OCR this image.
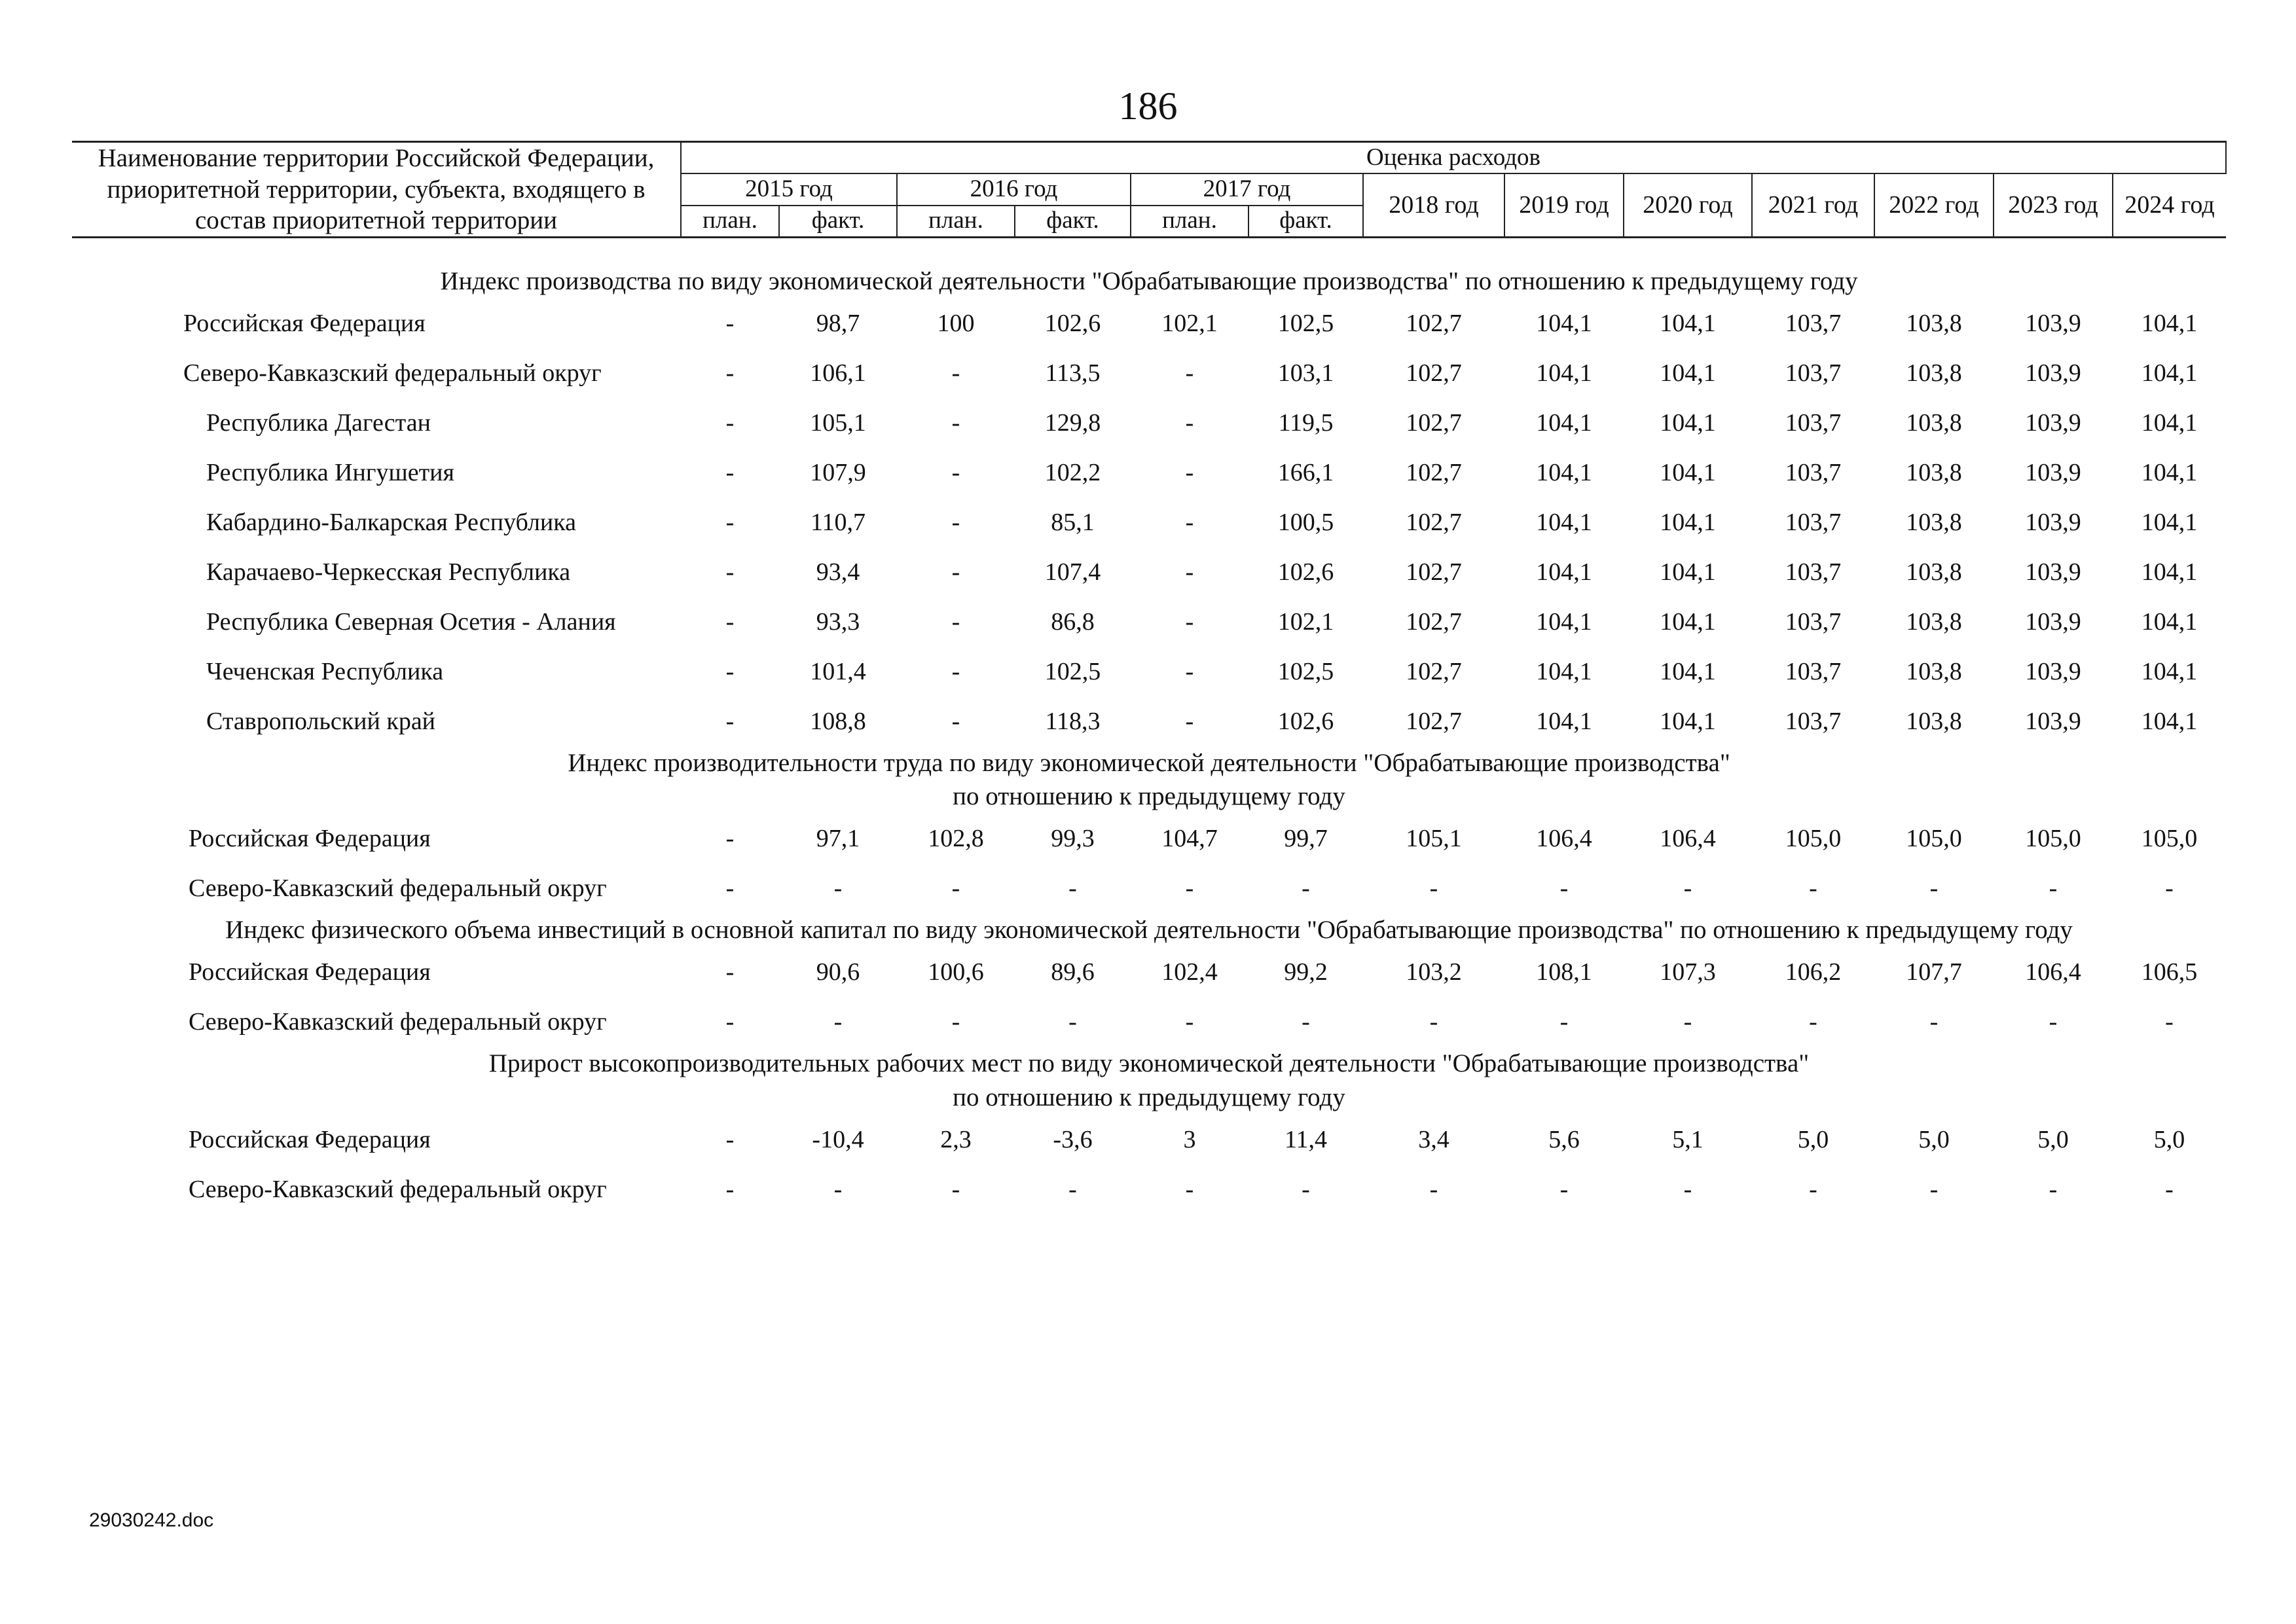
186
Наименование территории Российской Федерации, приоритетной территории, субъекта, входящего в состав приоритетной территории	Оценка расходов												
	2015 год		2016 год		2017 год		2018 год	2019 год	2020 год	2021 год	2022 год	2023 год	2024 год
	план.	факт.	план.	факт.	план.	факт.							

Индекс производства по виду экономической деятельности "Обрабатывающие производства" по отношению к предыдущему году													
Российская Федерация	-	98,7	100	102,6	102,1	102,5	102,7	104,1	104,1	103,7	103,8	103,9	104,1
Северо-Кавказский федеральный округ	-	106,1	-	113,5	-	103,1	102,7	104,1	104,1	103,7	103,8	103,9	104,1
Республика Дагестан	-	105,1	-	129,8	-	119,5	102,7	104,1	104,1	103,7	103,8	103,9	104,1
Республика Ингушетия	-	107,9	-	102,2	-	166,1	102,7	104,1	104,1	103,7	103,8	103,9	104,1
Кабардино-Балкарская Республика	-	110,7	-	85,1	-	100,5	102,7	104,1	104,1	103,7	103,8	103,9	104,1
Карачаево-Черкесская Республика	-	93,4	-	107,4	-	102,6	102,7	104,1	104,1	103,7	103,8	103,9	104,1
Республика Северная Осетия - Алания	-	93,3	-	86,8	-	102,1	102,7	104,1	104,1	103,7	103,8	103,9	104,1
Чеченская Республика	-	101,4	-	102,5	-	102,5	102,7	104,1	104,1	103,7	103,8	103,9	104,1
Ставропольский край	-	108,8	-	118,3	-	102,6	102,7	104,1	104,1	103,7	103,8	103,9	104,1

Индекс производительности труда по виду экономической деятельности "Обрабатывающие производства"
по отношению к предыдущему году													

Российская Федерация	-	97,1	102,8	99,3	104,7	99,7	105,1	106,4	106,4	105,0	105,0	105,0	105,0
Северо-Кавказский федеральный округ	-	-	-	-	-	-	-	-	-	-	-	-	-
Индекс физического объема инвестиций в основной капитал по виду экономической деятельности "Обрабатывающие производства" по отношению к предыдущему году													
Российская Федерация	-	90,6	100,6	89,6	102,4	99,2	103,2	108,1	107,3	106,2	107,7	106,4	106,5
Северо-Кавказский федеральный округ	-	-	-	-	-	-	-	-	-	-	-	-	-

Прирост высокопроизводительных рабочих мест по виду экономической деятельности "Обрабатывающие производства"
по отношению к предыдущему году													

Российская Федерация	-	-10,4	2,3	-3,6	3	11,4	3,4	5,6	5,1	5,0	5,0	5,0	5,0
Северо-Кавказский федеральный округ	-	-	-	-	-	-	-	-	-	-	-	-	-
29030242.doc
